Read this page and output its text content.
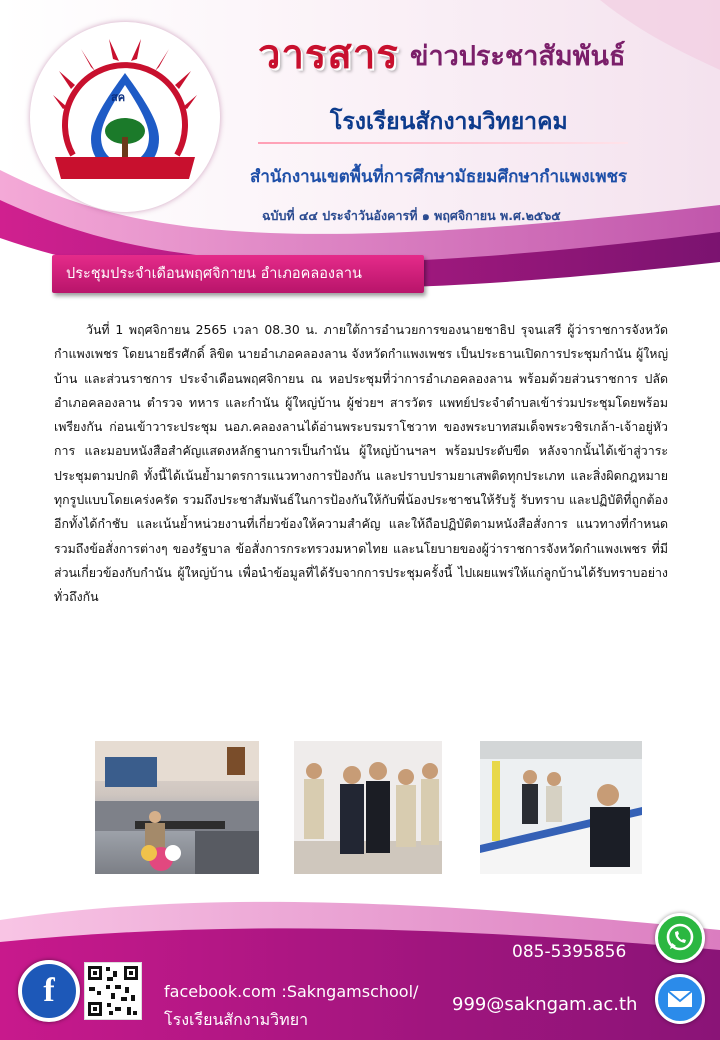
สค
วารสาร ข่าวประชาสัมพันธ์
โรงเรียนสักงามวิทยาคม
สำนักงานเขตพื้นที่การศึกษามัธยมศึกษากำแพงเพชร
ฉบับที่ ๔๔ ประจำวันอังคารที่ ๑ พฤศจิกายน พ.ศ.๒๕๖๕
ประชุมประจำเดือนพฤศจิกายน อำเภอคลองลาน

วันที่ 1 พฤศจิกายน 2565 เวลา 08.30 น. ภายใต้การอำนวยการของนายชาธิป รุจนเสรี ผู้ว่าราชการจังหวัดกำแพงเพชร โดยนายธีรศักดิ์ ลิขิต นายอำเภอคลองลาน จังหวัดกำแพงเพชร เป็นประธานเปิดการประชุมกำนัน ผู้ใหญ่บ้าน และส่วนราชการ ประจำเดือนพฤศจิกายน ณ หอประชุมที่ว่าการอำเภอคลองลาน พร้อมด้วยส่วนราชการ ปลัดอำเภอคลองลาน ตำรวจ ทหาร และกำนัน ผู้ใหญ่บ้าน ผู้ช่วยฯ สารวัตร แพทย์ประจำตำบลเข้าร่วมประชุมโดยพร้อมเพรียงกัน ก่อนเข้าวาระประชุม นอภ.คลองลานได้อ่านพระบรมราโชวาท ของพระบาทสมเด็จพระวชิรเกล้า-เจ้าอยู่หัวการ และมอบหนังสือสำคัญแสดงหลักฐานการเป็นกำนัน ผู้ใหญ่บ้านฯลฯ พร้อมประดับขีด หลังจากนั้นได้เข้าสู่วาระประชุมตามปกติ ทั้งนี้ได้เน้นย้ำมาตรการแนวทางการป้องกัน และปราบปรามยาเสพติดทุกประเภท และสิ่งผิดกฎหมายทุกรูปแบบโดยเคร่งครัด รวมถึงประชาสัมพันธ์ในการป้องกันให้กับพี่น้องประชาชนให้รับรู้ รับทราบ และปฏิบัติที่ถูกต้อง อีกทั้งได้กำชับ และเน้นย้ำหน่วยงานที่เกี่ยวข้องให้ความสำคัญ และให้ถือปฏิบัติตามหนังสือสั่งการ แนวทางที่กำหนด รวมถึงข้อสั่งการต่างๆ ของรัฐบาล ข้อสั่งการกระทรวงมหาดไทย และนโยบายของผู้ว่าราชการจังหวัดกำแพงเพชร ที่มีส่วนเกี่ยวข้องกับกำนัน ผู้ใหญ่บ้าน เพื่อนำข้อมูลที่ได้รับจากการประชุมครั้งนี้ ไปเผยแพร่ให้แก่ลูกบ้านได้รับทราบอย่างทั่วถึงกัน

f	facebook.com :Sakngamschool/
โรงเรียนสักงามวิทยา
085-5395856
999@sakngam.ac.th
